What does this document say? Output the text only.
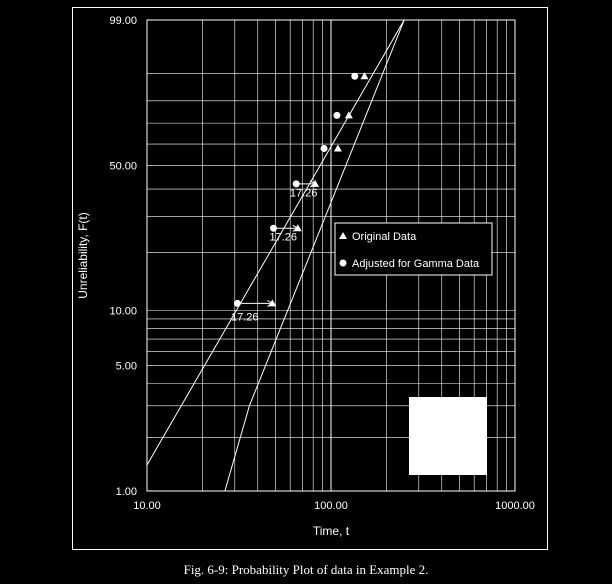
10.00	100.00	1000.00
1.00
5.00
10.00
50.00
99.00
Time, t
Unreliability, F(t)
17.26
17.26
17.26
Original Data
Adjusted for Gamma Data
Fig. 6-9: Probability Plot of data in Example 2.
